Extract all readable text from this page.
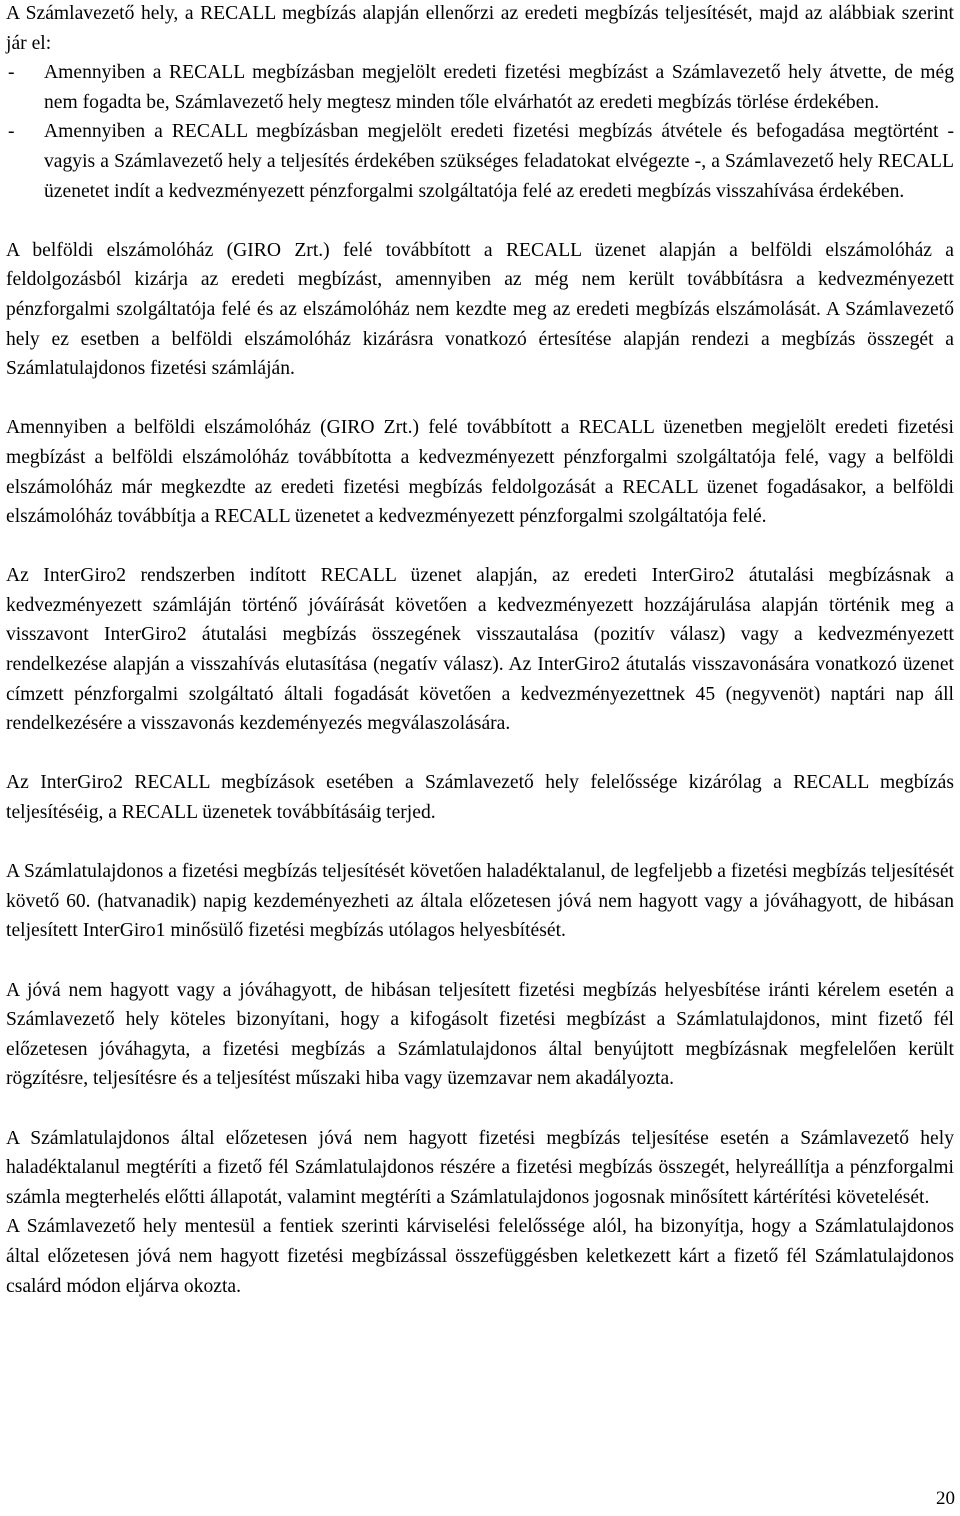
A Számlavezető hely, a RECALL megbízás alapján ellenőrzi az eredeti megbízás teljesítését, majd az alábbiak szerint jár el:

- Amennyiben a RECALL megbízásban megjelölt eredeti fizetési megbízást a Számlavezető hely átvette, de még nem fogadta be, Számlavezető hely megtesz minden tőle elvárhatót az eredeti megbízás törlése érdekében.
- Amennyiben a RECALL megbízásban megjelölt eredeti fizetési megbízás átvétele és befogadása megtörtént - vagyis a Számlavezető hely a teljesítés érdekében szükséges feladatokat elvégezte -, a Számlavezető hely RECALL üzenetet indít a kedvezményezett pénzforgalmi szolgáltatója felé az eredeti megbízás visszahívása érdekében.

A belföldi elszámolóház (GIRO Zrt.) felé továbbított a RECALL üzenet alapján a belföldi elszámolóház a feldolgozásból kizárja az eredeti megbízást, amennyiben az még nem került továbbításra a kedvezményezett pénzforgalmi szolgáltatója felé és az elszámolóház nem kezdte meg az eredeti megbízás elszámolását. A Számlavezető hely ez esetben a belföldi elszámolóház kizárásra vonatkozó értesítése alapján rendezi a megbízás összegét a Számlatulajdonos fizetési számláján.

Amennyiben a belföldi elszámolóház (GIRO Zrt.) felé továbbított a RECALL üzenetben megjelölt eredeti fizetési megbízást a belföldi elszámolóház továbbította a kedvezményezett pénzforgalmi szolgáltatója felé, vagy a belföldi elszámolóház már megkezdte az eredeti fizetési megbízás feldolgozását a RECALL üzenet fogadásakor, a belföldi elszámolóház továbbítja a RECALL üzenetet a kedvezményezett pénzforgalmi szolgáltatója felé.

Az InterGiro2 rendszerben indított RECALL üzenet alapján, az eredeti InterGiro2 átutalási megbízásnak a kedvezményezett számláján történő jóváírását követően a kedvezményezett hozzájárulása alapján történik meg a visszavont InterGiro2 átutalási megbízás összegének visszautalása (pozitív válasz) vagy a kedvezményezett rendelkezése alapján a visszahívás elutasítása (negatív válasz). Az InterGiro2 átutalás visszavonására vonatkozó üzenet címzett pénzforgalmi szolgáltató általi fogadását követően a kedvezményezettnek 45 (negyvenöt) naptári nap áll rendelkezésére a visszavonás kezdeményezés megválaszolására.

Az InterGiro2 RECALL megbízások esetében a Számlavezető hely felelőssége kizárólag a RECALL megbízás teljesítéséig, a RECALL üzenetek továbbításáig terjed.

A Számlatulajdonos a fizetési megbízás teljesítését követően haladéktalanul, de legfeljebb a fizetési megbízás teljesítését követő 60. (hatvanadik) napig kezdeményezheti az általa előzetesen jóvá nem hagyott vagy a jóváhagyott, de hibásan teljesített InterGiro1 minősülő fizetési megbízás utólagos helyesbítését.

A jóvá nem hagyott vagy a jóváhagyott, de hibásan teljesített fizetési megbízás helyesbítése iránti kérelem esetén a Számlavezető hely köteles bizonyítani, hogy a kifogásolt fizetési megbízást a Számlatulajdonos, mint fizető fél előzetesen jóváhagyta, a fizetési megbízás a Számlatulajdonos által benyújtott megbízásnak megfelelően került rögzítésre, teljesítésre és a teljesítést műszaki hiba vagy üzemzavar nem akadályozta.

A Számlatulajdonos által előzetesen jóvá nem hagyott fizetési megbízás teljesítése esetén a Számlavezető hely haladéktalanul megtéríti a fizető fél Számlatulajdonos részére a fizetési megbízás összegét, helyreállítja a pénzforgalmi számla megterhelés előtti állapotát, valamint megtéríti a Számlatulajdonos jogosnak minősített kártérítési követelését.

A Számlavezető hely mentesül a fentiek szerinti kárviselési felelőssége alól, ha bizonyítja, hogy a Számlatulajdonos által előzetesen jóvá nem hagyott fizetési megbízással összefüggésben keletkezett kárt a fizető fél Számlatulajdonos csalárd módon eljárva okozta.

20
